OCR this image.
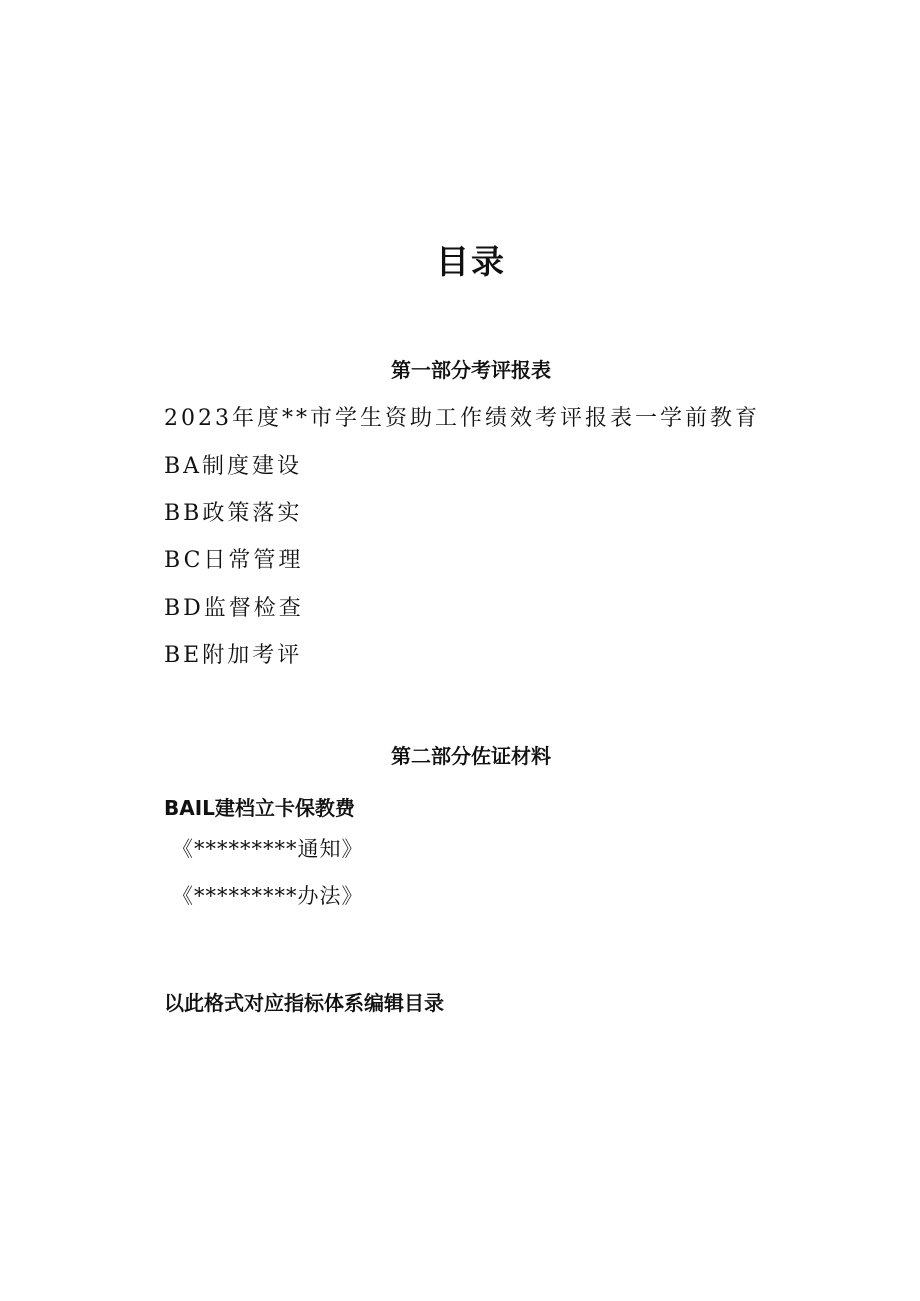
目录
第一部分考评报表
2023年度**市学生资助工作绩效考评报表一学前教育
BA制度建设
BB政策落实
BC日常管理
BD监督检查
BE附加考评
第二部分佐证材料
BAIL建档立卡保教费
《*********通知》
《*********办法》
以此格式对应指标体系编辑目录
